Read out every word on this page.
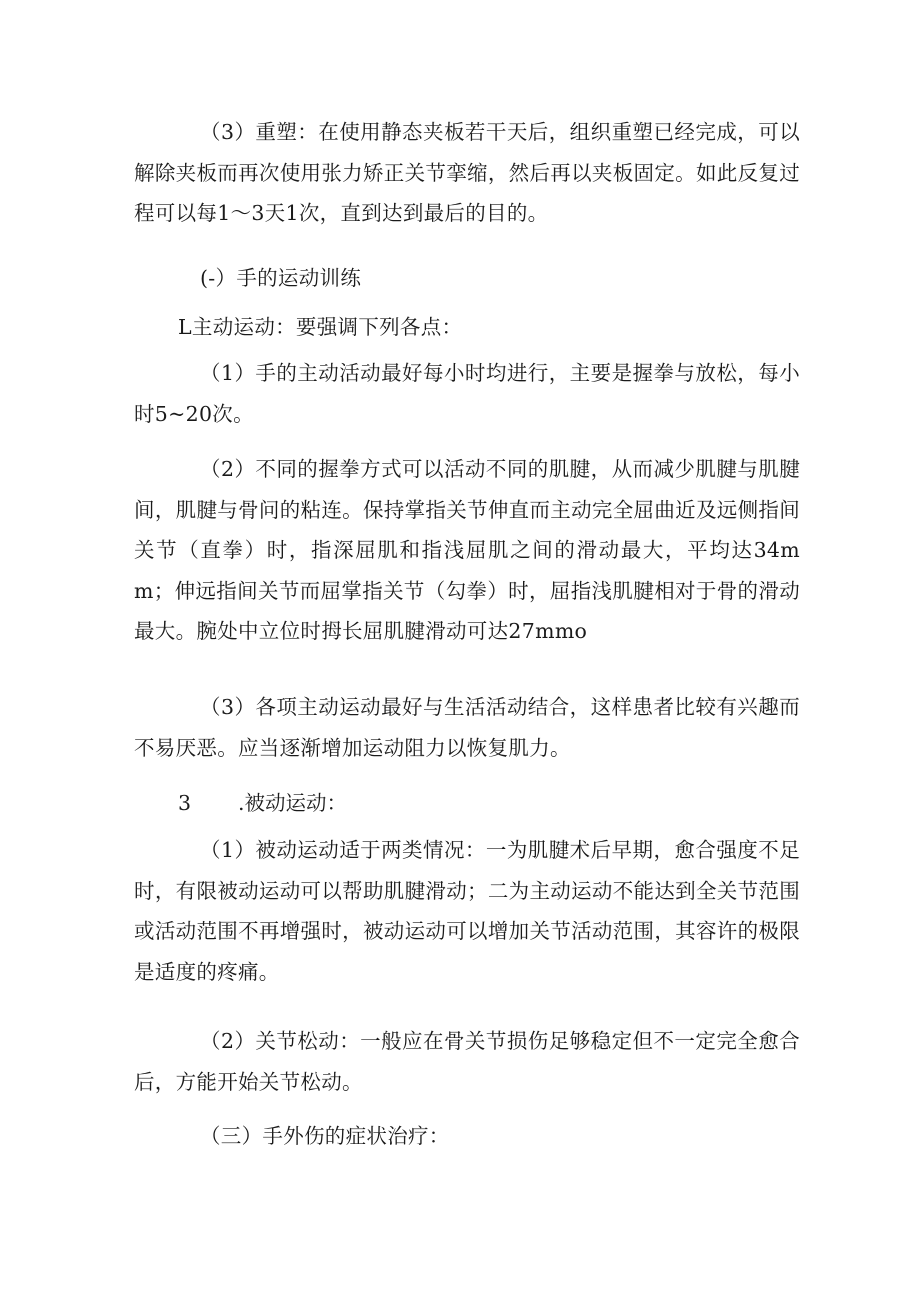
（3）重塑：在使用静态夹板若干天后，组织重塑已经完成，可以解除夹板而再次使用张力矫正关节挛缩，然后再以夹板固定。如此反复过程可以每1～3天1次，直到达到最后的目的。

(-）手的运动训练

L主动运动：要强调下列各点：

（1）手的主动活动最好每小时均进行，主要是握拳与放松，每小时5~20次。

（2）不同的握拳方式可以活动不同的肌腱，从而减少肌腱与肌腱间，肌腱与骨问的粘连。保持掌指关节伸直而主动完全屈曲近及远侧指间关节（直拳）时，指深屈肌和指浅屈肌之间的滑动最大，平均达34mm；伸远指间关节而屈掌指关节（勾拳）时，屈指浅肌腱相对于骨的滑动最大。腕处中立位时拇长屈肌腱滑动可达27mmo

（3）各项主动运动最好与生活活动结合，这样患者比较有兴趣而不易厌恶。应当逐渐增加运动阻力以恢复肌力。

3 .被动运动：

（1）被动运动适于两类情况：一为肌腱术后早期，愈合强度不足时，有限被动运动可以帮助肌腱滑动；二为主动运动不能达到全关节范围或活动范围不再增强时，被动运动可以增加关节活动范围，其容许的极限是适度的疼痛。

（2）关节松动：一般应在骨关节损伤足够稳定但不一定完全愈合后，方能开始关节松动。

（三）手外伤的症状治疗：
